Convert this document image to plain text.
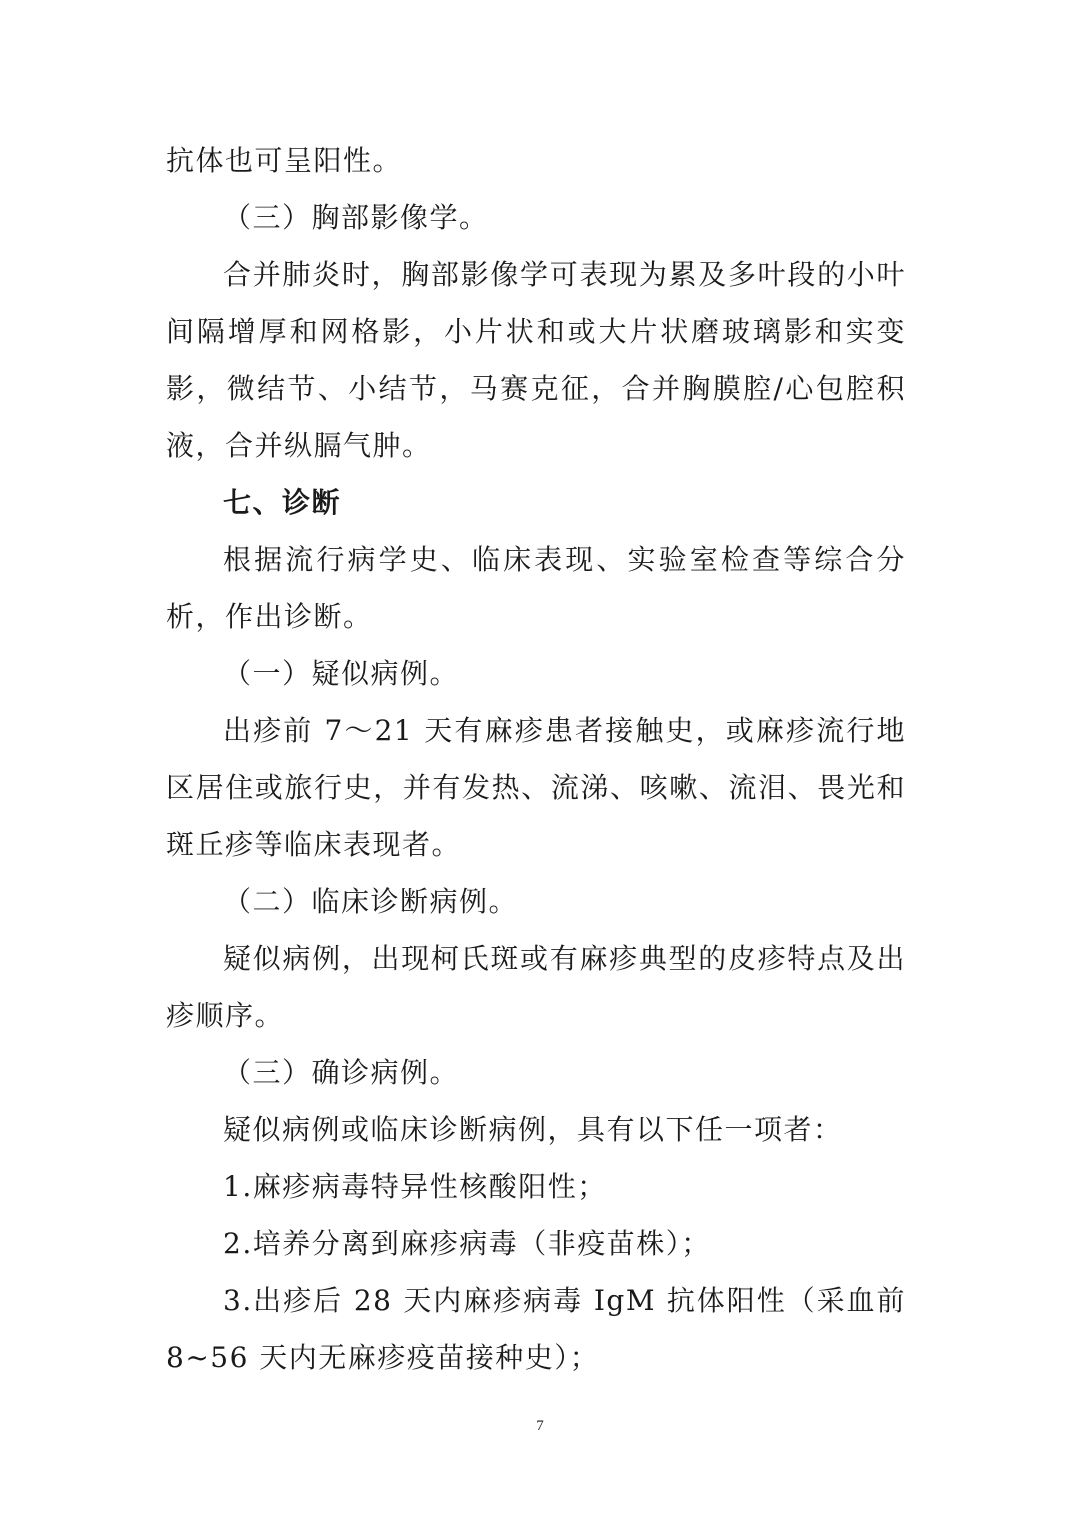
抗体也可呈阳性。

（三）胸部影像学。

合并肺炎时，胸部影像学可表现为累及多叶段的小叶间隔增厚和网格影，小片状和或大片状磨玻璃影和实变影，微结节、小结节，马赛克征，合并胸膜腔/心包腔积液，合并纵膈气肿。

七、诊断

根据流行病学史、临床表现、实验室检查等综合分析，作出诊断。

（一）疑似病例。

出疹前 7～21 天有麻疹患者接触史，或麻疹流行地区居住或旅行史，并有发热、流涕、咳嗽、流泪、畏光和斑丘疹等临床表现者。

（二）临床诊断病例。

疑似病例，出现柯氏斑或有麻疹典型的皮疹特点及出疹顺序。

（三）确诊病例。

疑似病例或临床诊断病例，具有以下任一项者：

1.麻疹病毒特异性核酸阳性；

2.培养分离到麻疹病毒（非疫苗株）；

3.出疹后 28 天内麻疹病毒 IgM 抗体阳性（采血前 8~56 天内无麻疹疫苗接种史）；

7
